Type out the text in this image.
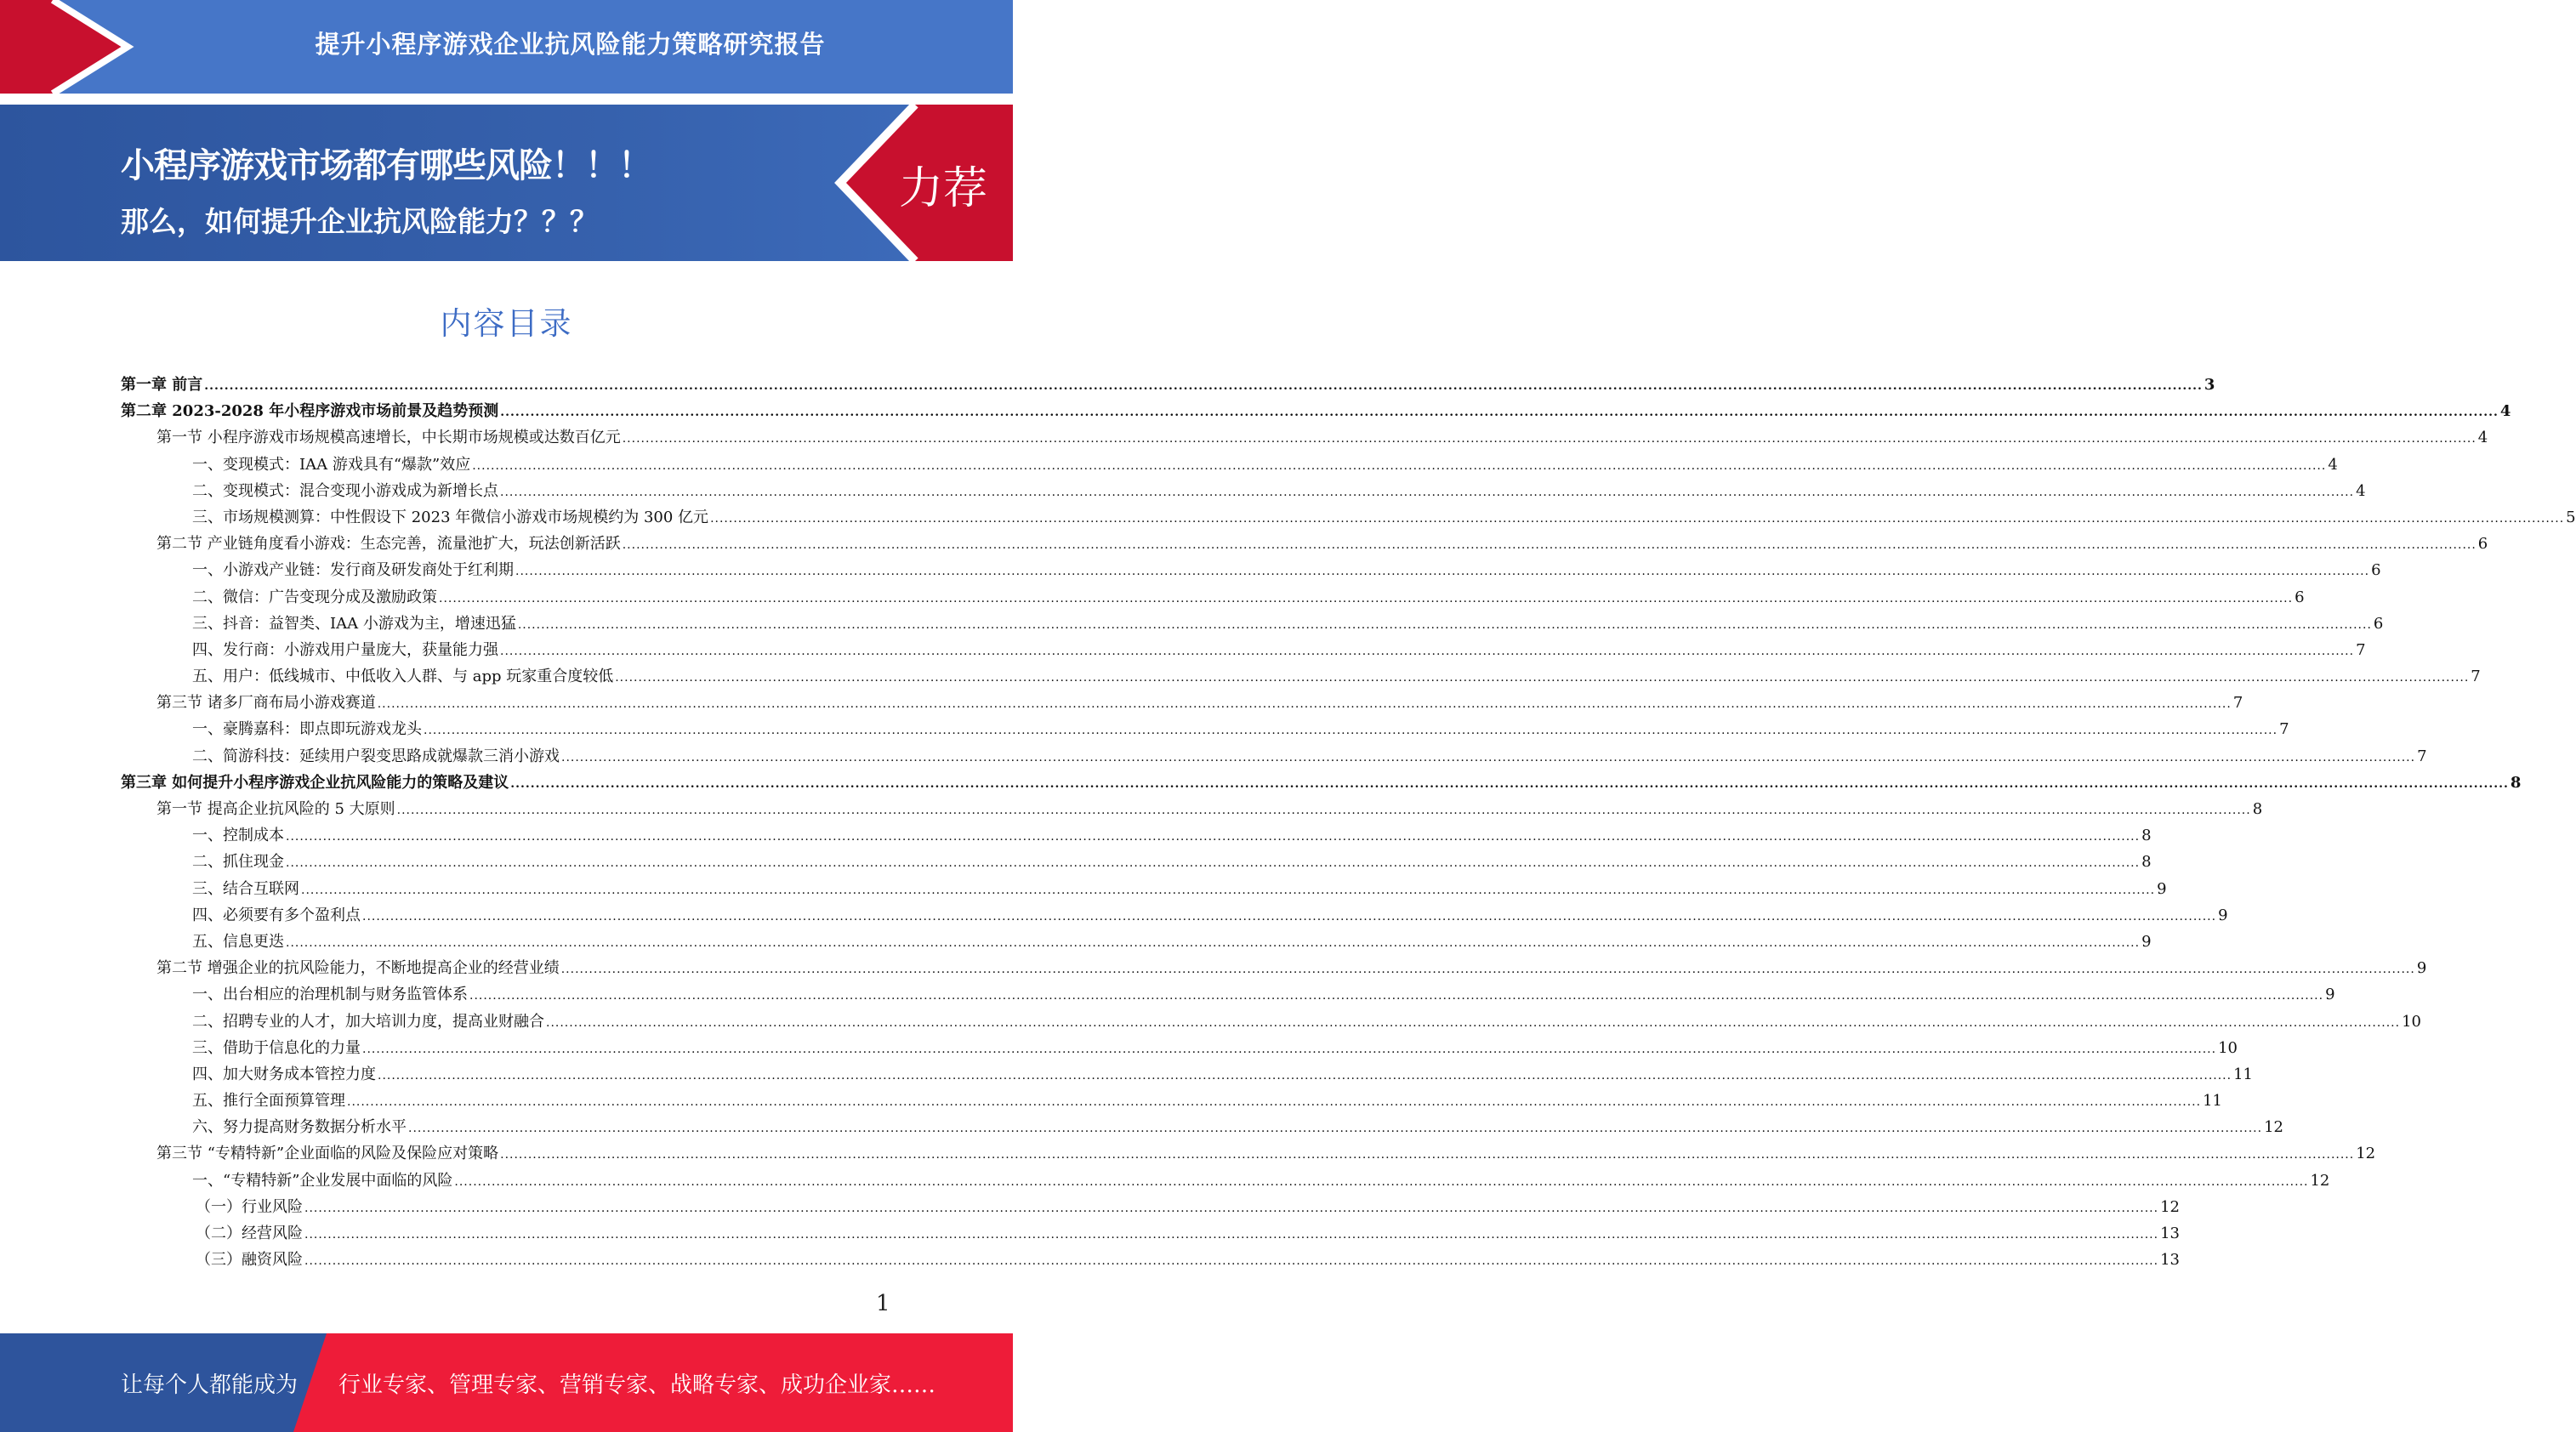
提升小程序游戏企业抗风险能力策略研究报告
小程序游戏市场都有哪些风险！！！
那么，如何提升企业抗风险能力？？？
力荐
内容目录
第一章 前言 ................................................................................................................................................................................................................................................................................................................................................................................................................ 3
第二章 2023-2028 年小程序游戏市场前景及趋势预测 ................................................................................................................................................................................................................................................................................................................................................................................................................ 4
第一节 小程序游戏市场规模高速增长，中长期市场规模或达数百亿元 ................................................................................................................................................................................................................................................................................................................................................................................................................ 4
一、变现模式：IAA 游戏具有“爆款”效应 ................................................................................................................................................................................................................................................................................................................................................................................................................ 4
二、变现模式：混合变现小游戏成为新增长点 ................................................................................................................................................................................................................................................................................................................................................................................................................ 4
三、市场规模测算：中性假设下 2023 年微信小游戏市场规模约为 300 亿元 ................................................................................................................................................................................................................................................................................................................................................................................................................ 5
第二节 产业链角度看小游戏：生态完善，流量池扩大，玩法创新活跃 ................................................................................................................................................................................................................................................................................................................................................................................................................ 6
一、小游戏产业链：发行商及研发商处于红利期 ................................................................................................................................................................................................................................................................................................................................................................................................................ 6
二、微信：广告变现分成及激励政策 ................................................................................................................................................................................................................................................................................................................................................................................................................ 6
三、抖音：益智类、IAA 小游戏为主，增速迅猛 ................................................................................................................................................................................................................................................................................................................................................................................................................ 6
四、发行商：小游戏用户量庞大，获量能力强 ................................................................................................................................................................................................................................................................................................................................................................................................................ 7
五、用户：低线城市、中低收入人群、与 app 玩家重合度较低 ................................................................................................................................................................................................................................................................................................................................................................................................................ 7
第三节 诸多厂商布局小游戏赛道 ................................................................................................................................................................................................................................................................................................................................................................................................................ 7
一、豪腾嘉科：即点即玩游戏龙头 ................................................................................................................................................................................................................................................................................................................................................................................................................ 7
二、简游科技：延续用户裂变思路成就爆款三消小游戏 ................................................................................................................................................................................................................................................................................................................................................................................................................ 7
第三章 如何提升小程序游戏企业抗风险能力的策略及建议 ................................................................................................................................................................................................................................................................................................................................................................................................................ 8
第一节 提高企业抗风险的 5 大原则 ................................................................................................................................................................................................................................................................................................................................................................................................................ 8
一、控制成本 ................................................................................................................................................................................................................................................................................................................................................................................................................ 8
二、抓住现金 ................................................................................................................................................................................................................................................................................................................................................................................................................ 8
三、结合互联网 ................................................................................................................................................................................................................................................................................................................................................................................................................ 9
四、必须要有多个盈利点 ................................................................................................................................................................................................................................................................................................................................................................................................................ 9
五、信息更迭 ................................................................................................................................................................................................................................................................................................................................................................................................................ 9
第二节 增强企业的抗风险能力，不断地提高企业的经营业绩 ................................................................................................................................................................................................................................................................................................................................................................................................................ 9
一、出台相应的治理机制与财务监管体系 ................................................................................................................................................................................................................................................................................................................................................................................................................ 9
二、招聘专业的人才，加大培训力度，提高业财融合 ................................................................................................................................................................................................................................................................................................................................................................................................................ 10
三、借助于信息化的力量 ................................................................................................................................................................................................................................................................................................................................................................................................................ 10
四、加大财务成本管控力度 ................................................................................................................................................................................................................................................................................................................................................................................................................ 11
五、推行全面预算管理 ................................................................................................................................................................................................................................................................................................................................................................................................................ 11
六、努力提高财务数据分析水平 ................................................................................................................................................................................................................................................................................................................................................................................................................ 12
第三节 “专精特新”企业面临的风险及保险应对策略 ................................................................................................................................................................................................................................................................................................................................................................................................................ 12
一、“专精特新”企业发展中面临的风险 ................................................................................................................................................................................................................................................................................................................................................................................................................ 12
（一）行业风险 ................................................................................................................................................................................................................................................................................................................................................................................................................ 12
（二）经营风险 ................................................................................................................................................................................................................................................................................................................................................................................................................ 13
（三）融资风险 ................................................................................................................................................................................................................................................................................................................................................................................................................ 13
1
让每个人都能成为 行业专家、管理专家、营销专家、战略专家、成功企业家……
